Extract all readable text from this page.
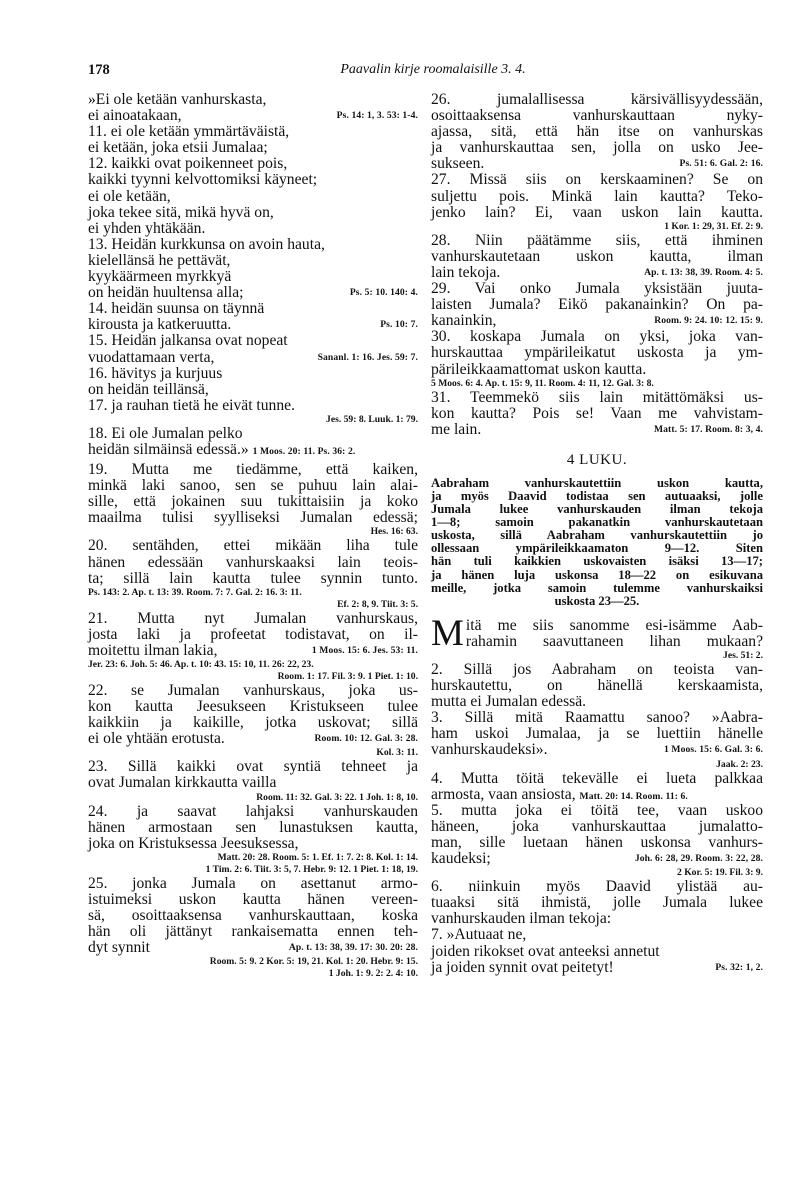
178	Paavalin kirje roomalaisille 3. 4.
»Ei ole ketään vanhurskasta,
ei ainoatakaan,	Ps. 14: 1, 3. 53: 1-4.
11. ei ole ketään ymmärtäväistä,
ei ketään, joka etsii Jumalaa;
12. kaikki ovat poikenneet pois,
kaikki tyynni kelvottomiksi käyneet;
ei ole ketään,
joka tekee sitä, mikä hyvä on,
ei yhden yhtäkään.
13. Heidän kurkkunsa on avoin hauta,
kielellänsä he pettävät,
kyykäärmeen myrkkyä
on heidän huultensa alla;	Ps. 5: 10. 140: 4.
14. heidän suunsa on täynnä
kirousta ja katkeruutta.	Ps. 10: 7.
15. Heidän jalkansa ovat nopeat
vuodattamaan verta,	Sananl. 1: 16. Jes. 59: 7.
16. hävitys ja kurjuus
on heidän teillänsä,
17. ja rauhan tietä he eivät tunne.
Jes. 59: 8. Luuk. 1: 79.
18. Ei ole Jumalan pelko
heidän silmäinsä edessä.» 1 Moos. 20: 11. Ps. 36: 2.
19. Mutta me tiedämme, että kaiken,
minkä laki sanoo, sen se puhuu lain alai-
sille, että jokainen suu tukittaisiin ja koko
maailma tulisi syylliseksi Jumalan edessä;
Hes. 16: 63.
20. sentähden, ettei mikään liha tule
hänen edessään vanhurskaaksi lain teois-
ta; sillä lain kautta tulee synnin tunto.
Ps. 143: 2. Ap. t. 13: 39. Room. 7: 7. Gal. 2: 16. 3: 11.
Ef. 2: 8, 9. Tiit. 3: 5.
21. Mutta nyt Jumalan vanhurskaus,
josta laki ja profeetat todistavat, on il-
moitettu ilman lakia,	1 Moos. 15: 6. Jes. 53: 11.
Jer. 23: 6. Joh. 5: 46. Ap. t. 10: 43. 15: 10, 11. 26: 22, 23.
Room. 1: 17. Fil. 3: 9. 1 Piet. 1: 10.
22. se Jumalan vanhurskaus, joka us-
kon kautta Jeesukseen Kristukseen tulee
kaikkiin ja kaikille, jotka uskovat; sillä
ei ole yhtään erotusta.	Room. 10: 12. Gal. 3: 28.
Kol. 3: 11.
23. Sillä kaikki ovat syntiä tehneet ja
ovat Jumalan kirkkautta vailla
Room. 11: 32. Gal. 3: 22. 1 Joh. 1: 8, 10.
24. ja saavat lahjaksi vanhurskauden
hänen armostaan sen lunastuksen kautta,
joka on Kristuksessa Jeesuksessa,
Matt. 20: 28. Room. 5: 1. Ef. 1: 7. 2: 8. Kol. 1: 14.
1 Tim. 2: 6. Tiit. 3: 5, 7. Hebr. 9: 12. 1 Piet. 1: 18, 19.
25. jonka Jumala on asettanut armo-
istuimeksi uskon kautta hänen vereen-
sä, osoittaaksensa vanhurskauttaan, koska
hän oli jättänyt rankaisematta ennen teh-
dyt synnit	Ap. t. 13: 38, 39. 17: 30. 20: 28.
Room. 5: 9. 2 Kor. 5: 19, 21. Kol. 1: 20. Hebr. 9: 15.
1 Joh. 1: 9. 2: 2. 4: 10.
26. jumalallisessa kärsivällisyydessään,
osoittaaksensa vanhurskauttaan nyky-
ajassa, sitä, että hän itse on vanhurskas
ja vanhurskauttaa sen, jolla on usko Jee-
sukseen.	Ps. 51: 6. Gal. 2: 16.
27. Missä siis on kerskaaminen? Se on
suljettu pois. Minkä lain kautta? Teko-
jenko lain? Ei, vaan uskon lain kautta.
1 Kor. 1: 29, 31. Ef. 2: 9.
28. Niin päätämme siis, että ihminen
vanhurskautetaan uskon kautta, ilman
lain tekoja.	Ap. t. 13: 38, 39. Room. 4: 5.
29. Vai onko Jumala yksistään juuta-
laisten Jumala? Eikö pakanainkin? On pa-
kanainkin,	Room. 9: 24. 10: 12. 15: 9.
30. koskapa Jumala on yksi, joka van-
hurskauttaa ympärileikatut uskosta ja ym-
pärileikkaamattomat uskon kautta.
5 Moos. 6: 4. Ap. t. 15: 9, 11. Room. 4: 11, 12. Gal. 3: 8.
31. Teemmekö siis lain mitättömäksi us-
kon kautta? Pois se! Vaan me vahvistam-
me lain.	Matt. 5: 17. Room. 8: 3, 4.
4 LUKU.
Aabraham vanhurskautettiin uskon kautta,
ja myös Daavid todistaa sen autuaaksi, jolle
Jumala lukee vanhurskauden ilman tekoja
1—8; samoin pakanatkin vanhurskautetaan
uskosta, sillä Aabraham vanhurskautettiin jo
ollessaan ympärileikkaamaton 9—12. Siten
hän tuli kaikkien uskovaisten isäksi 13—17;
ja hänen luja uskonsa 18—22 on esikuvana
meille, jotka samoin tulemme vanhurskaiksi
uskosta 23—25.
M itä me siis sanomme esi-isämme Aab-
rahamin saavuttaneen lihan mukaan?
Jes. 51: 2.
2. Sillä jos Aabraham on teoista van-
hurskautettu, on hänellä kerskaamista,
mutta ei Jumalan edessä.
3. Sillä mitä Raamattu sanoo? »Aabra-
ham uskoi Jumalaa, ja se luettiin hänelle
vanhurskaudeksi».	1 Moos. 15: 6. Gal. 3: 6.
Jaak. 2: 23.
4. Mutta töitä tekevälle ei lueta palkkaa
armosta, vaan ansiosta, Matt. 20: 14. Room. 11: 6.
5. mutta joka ei töitä tee, vaan uskoo
häneen, joka vanhurskauttaa jumalatto-
man, sille luetaan hänen uskonsa vanhurs-
kaudeksi;	Joh. 6: 28, 29. Room. 3: 22, 28.
2 Kor. 5: 19. Fil. 3: 9.
6. niinkuin myös Daavid ylistää au-
tuaaksi sitä ihmistä, jolle Jumala lukee
vanhurskauden ilman tekoja:
7. »Autuaat ne,
joiden rikokset ovat anteeksi annetut
ja joiden synnit ovat peitetyt!	Ps. 32: 1, 2.
